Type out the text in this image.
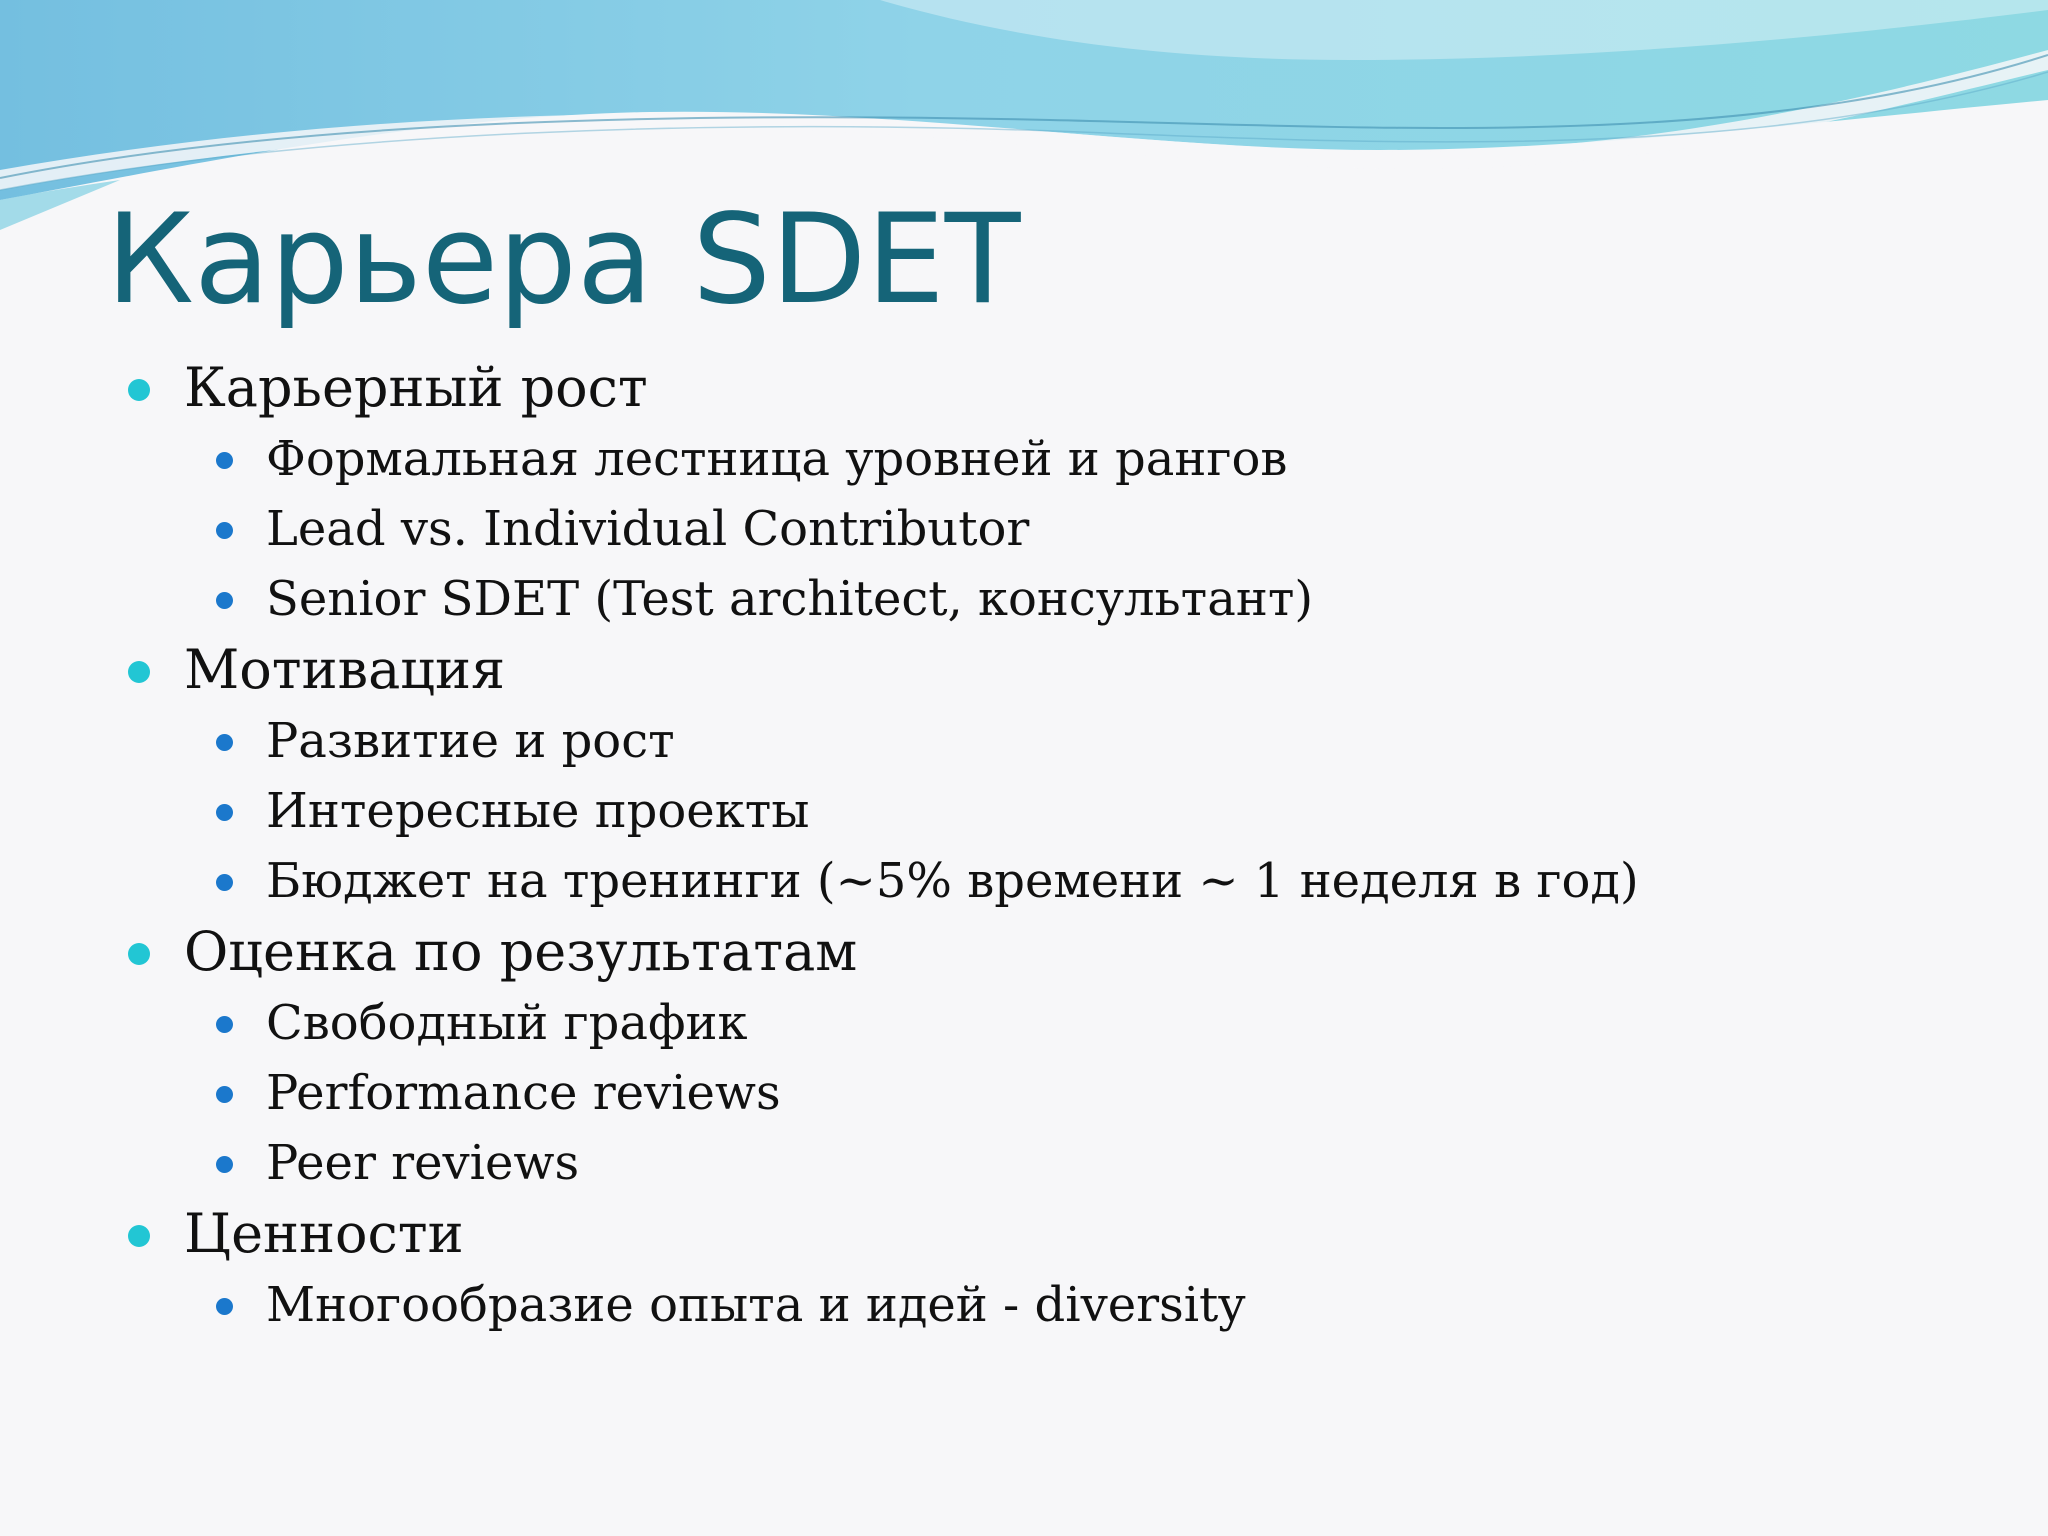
Карьера SDET
Карьерный рост
Формальная лестница уровней и рангов
Lead vs. Individual Contributor
Senior SDET (Test architect, консультант)
Мотивация
Развитие и рост
Интересные проекты
Бюджет на тренинги (~5% времени ~ 1 неделя в год)
Оценка по результатам
Свободный график
Performance reviews
Peer reviews
Ценности
Многообразие опыта и идей - diversity
